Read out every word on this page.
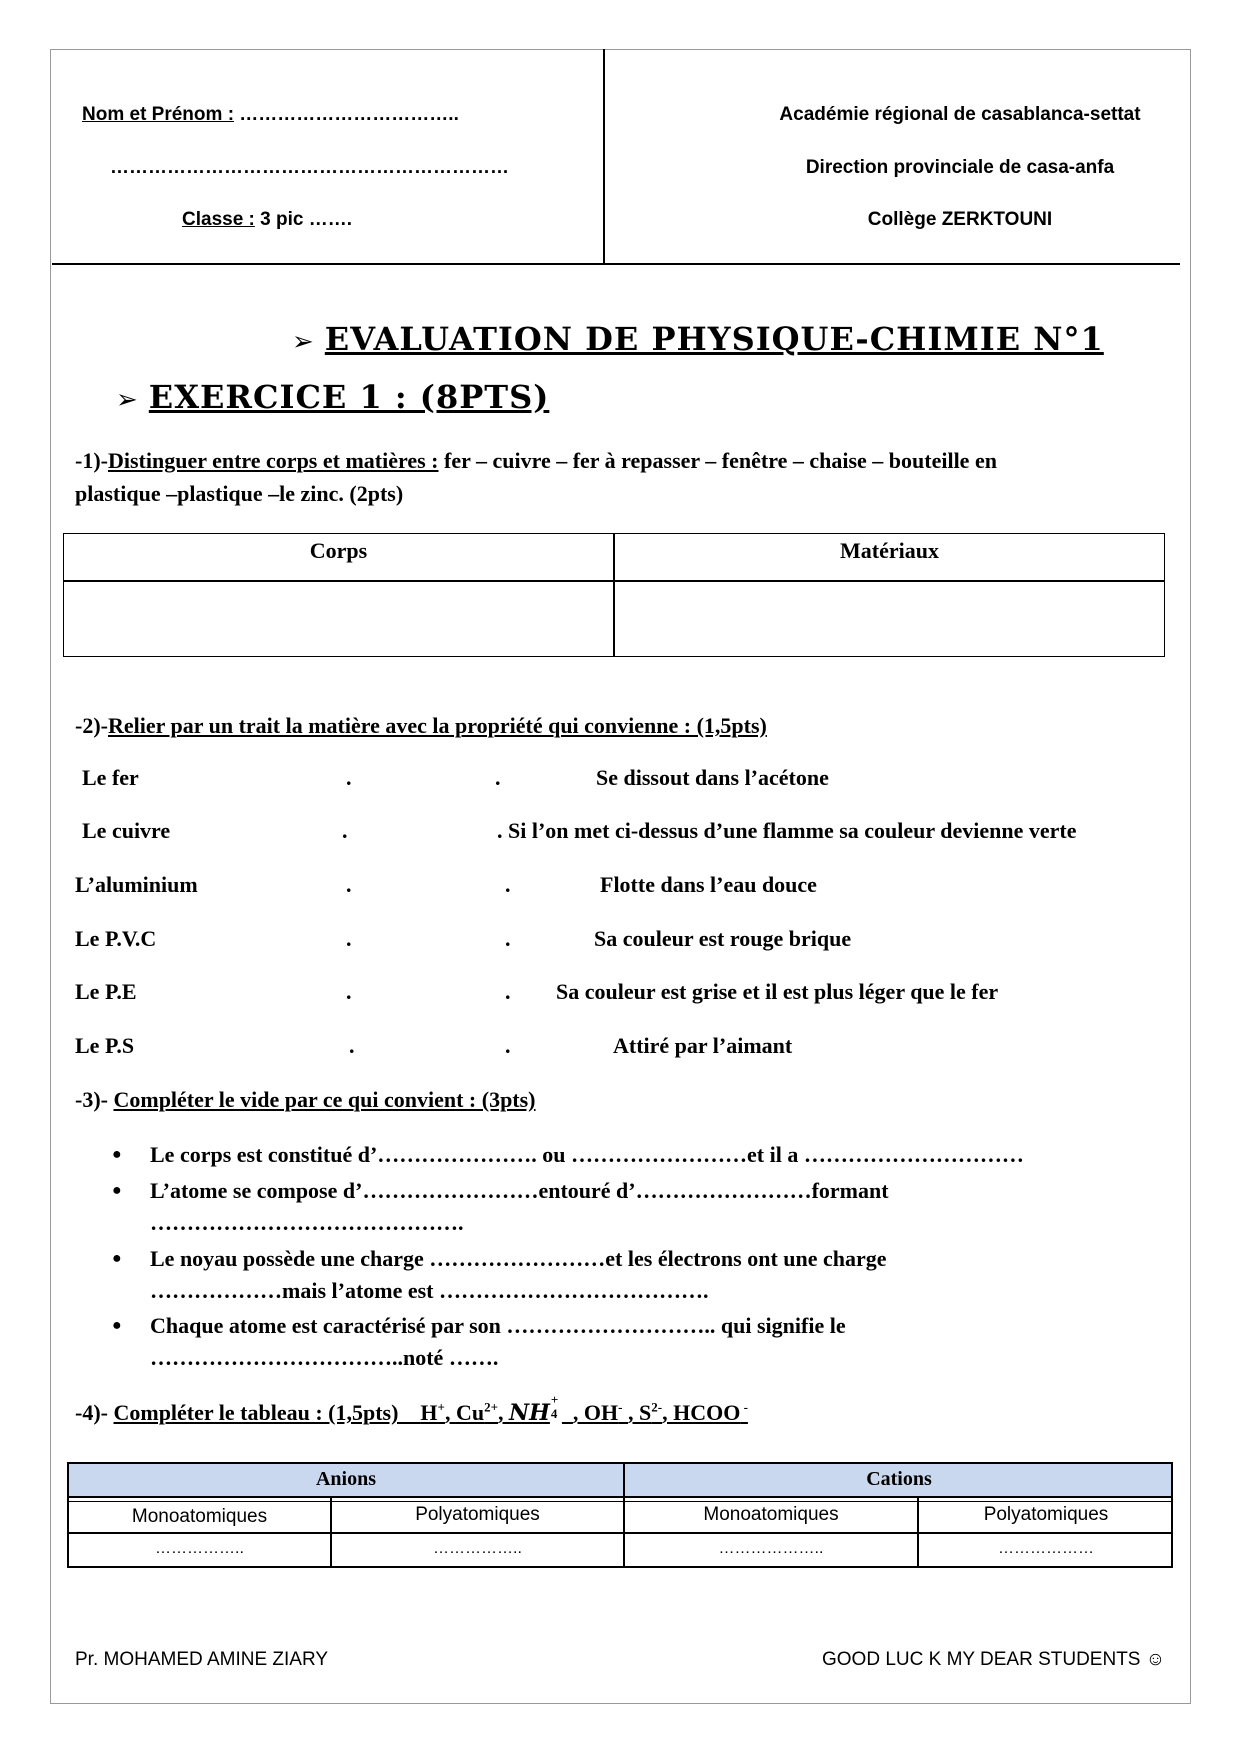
Nom et Prénom : ……………………………..
………………………………………………………
Classe : 3 pic …….
Académie régional de casablanca-settat
Direction provinciale de casa-anfa
Collège ZERKTOUNI
➢ EVALUATION DE PHYSIQUE-CHIMIE N°1
➢ EXERCICE 1 : (8PTS)
-1)-Distinguer entre corps et matières : fer – cuivre – fer à repasser – fenêtre – chaise – bouteille en
plastique –plastique –le zinc. (2pts)
Corps	Matériaux
-2)-Relier par un trait la matière avec la propriété qui convienne : (1,5pts)
Le fer	.	.	Se dissout dans l’acétone
Le cuivre	.	. Si l’on met ci-dessus d’une flamme sa couleur devienne verte
L’aluminium	.	.	Flotte dans l’eau douce
Le P.V.C	.	.	Sa couleur est rouge brique
Le P.E	.	. Sa couleur est grise et il est plus léger que le fer
Le P.S	.	.	Attiré par l’aimant
-3)- Compléter le vide par ce qui convient : (3pts)
● Le corps est constitué d’…………………. ou ……………………et il a …………………………
● L’atome se compose d’……………………entouré d’……………………formant
…………………………………….
● Le noyau possède une charge ……………………et les électrons ont une charge
………………mais l’atome est ……………………………….
● Chaque atome est caractérisé par son ……………………….. qui signifie le
……………………………..noté …….
-4)- Compléter le tableau : (1,5pts) H+, $Cu^{2+}$, NH
+
4 , OH- , $S^{2-}$, HCOO -
Anions	Cations
Monoatomiques	Polyatomiques	Monoatomiques	Polyatomiques
……………..	……………..	………………..	………………
Pr. MOHAMED AMINE ZIARY	GOOD LUC K MY DEAR STUDENTS ☺
